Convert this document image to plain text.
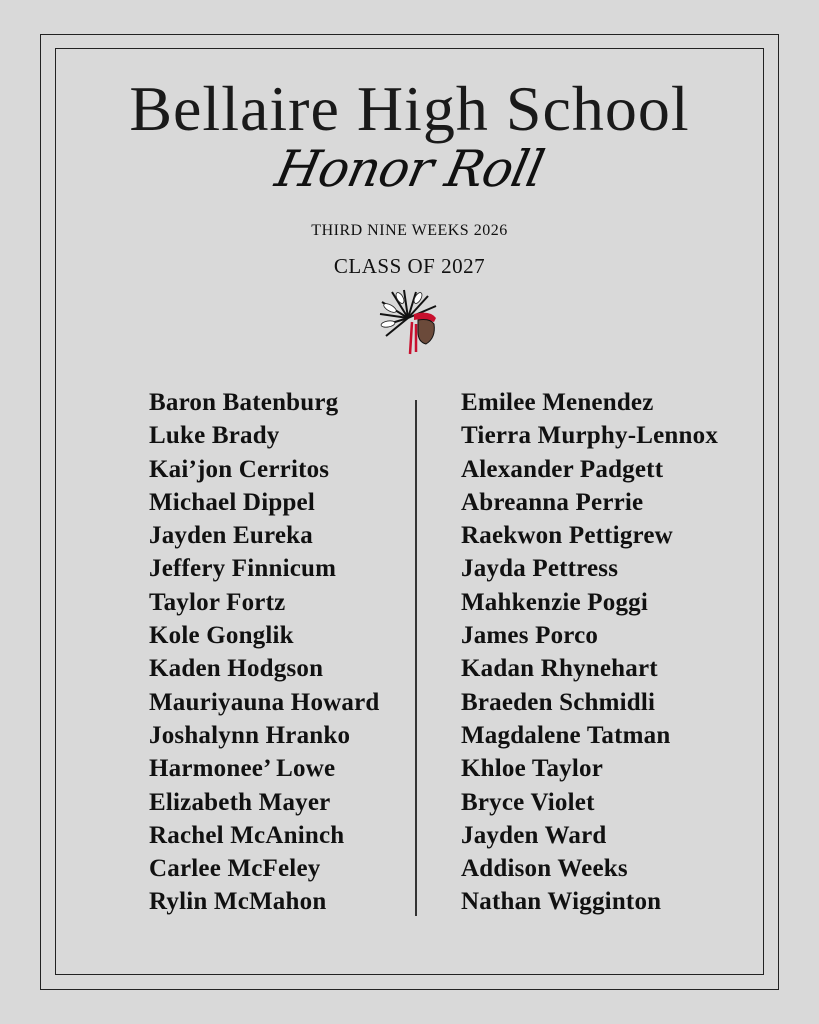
Bellaire High School
Honor Roll
THIRD NINE WEEKS 2026
CLASS OF 2027
Baron Batenburg
Luke Brady
Kai’jon Cerritos
Michael Dippel
Jayden Eureka
Jeffery Finnicum
Taylor Fortz
Kole Gonglik
Kaden Hodgson
Mauriyauna Howard
Joshalynn Hranko
Harmonee’ Lowe
Elizabeth Mayer
Rachel McAninch
Carlee McFeley
Rylin McMahon
Emilee Menendez
Tierra Murphy-Lennox
Alexander Padgett
Abreanna Perrie
Raekwon Pettigrew
Jayda Pettress
Mahkenzie Poggi
James Porco
Kadan Rhynehart
Braeden Schmidli
Magdalene Tatman
Khloe Taylor
Bryce Violet
Jayden Ward
Addison Weeks
Nathan Wigginton
